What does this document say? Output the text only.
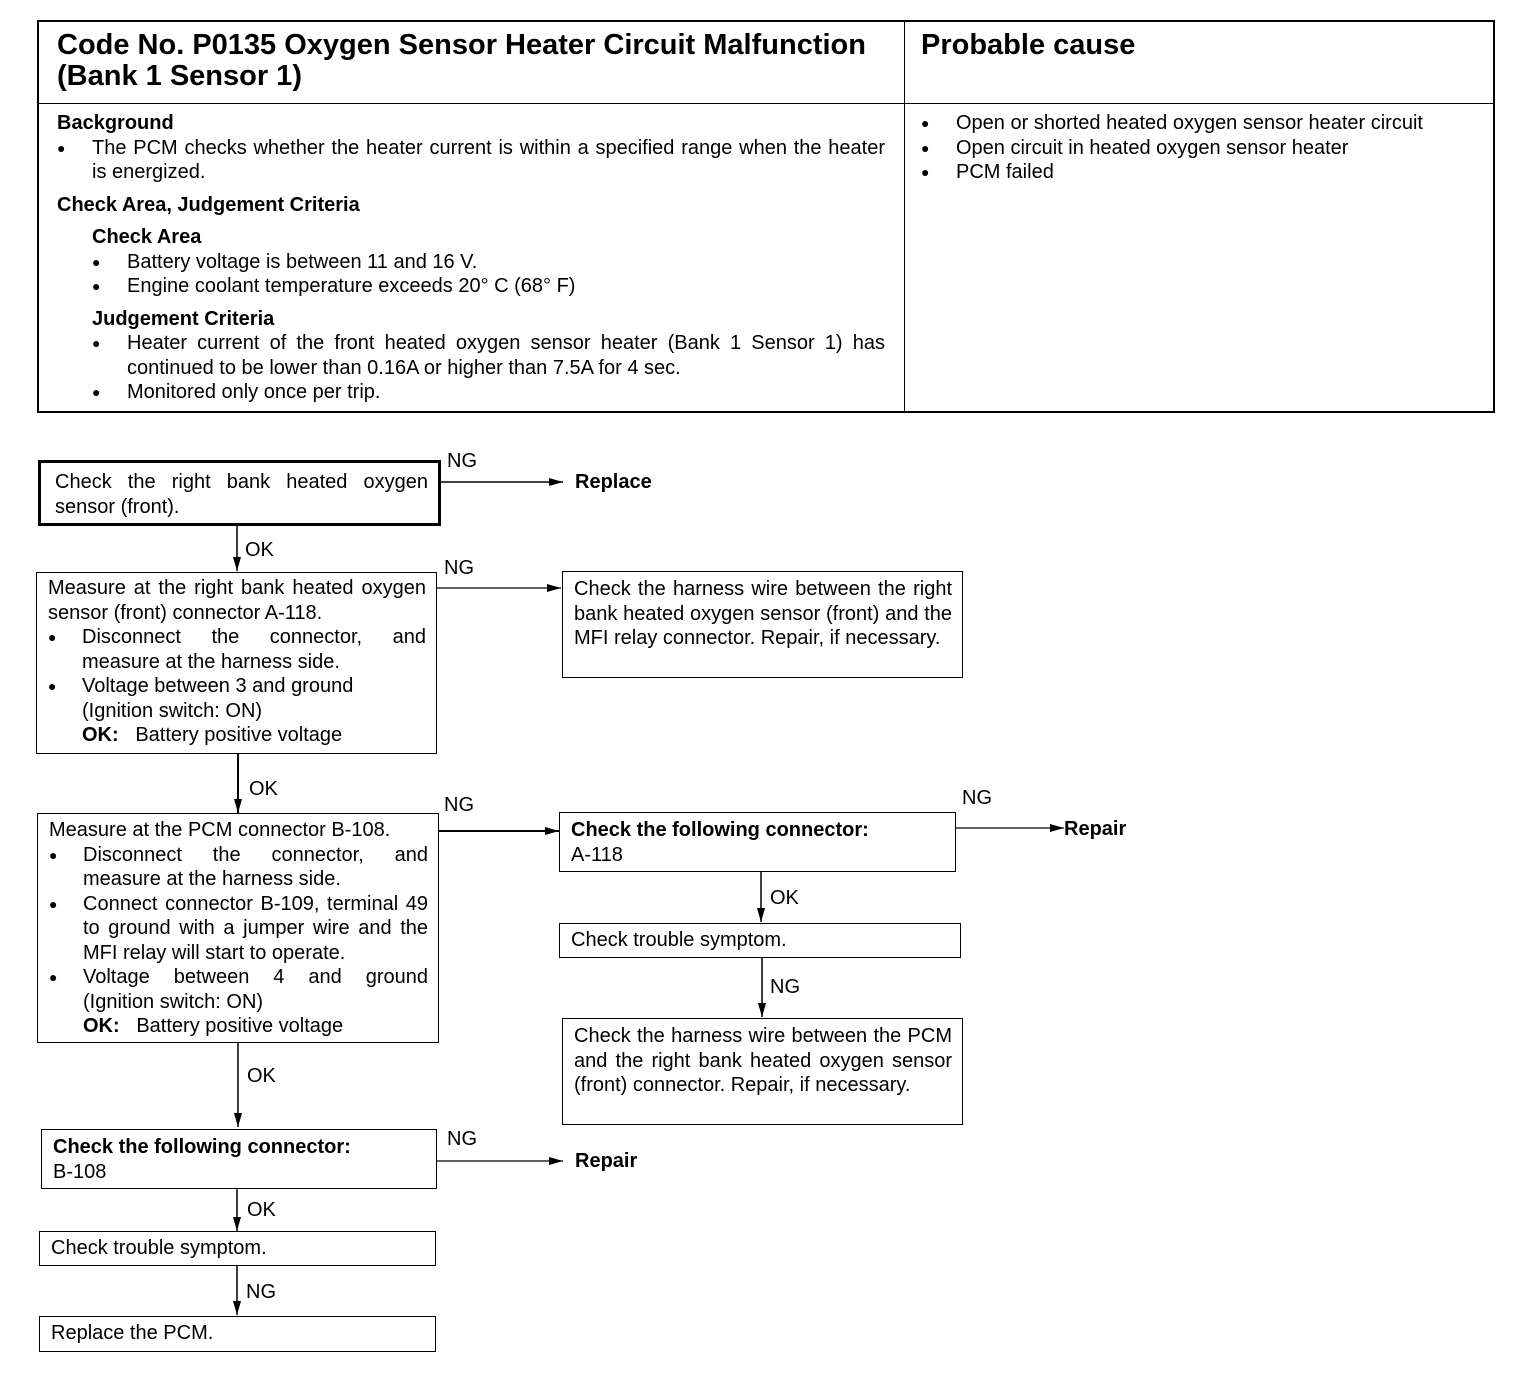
Code No. P0135 Oxygen Sensor Heater Circuit Malfunction (Bank 1 Sensor 1)
Probable cause
Background
● The PCM checks whether the heater current is within a specified range when the heater is energized.
Check Area, Judgement Criteria
Check Area
● Battery voltage is between 11 and 16 V.
● Engine coolant temperature exceeds 20° C (68° F)
Judgement Criteria
● Heater current of the front heated oxygen sensor heater (Bank 1 Sensor 1) has continued to be lower than 0.16A or higher than 7.5A for 4 sec.
● Monitored only once per trip.
● Open or shorted heated oxygen sensor heater circuit
● Open circuit in heated oxygen sensor heater
● PCM failed
Check the right bank heated oxygen sensor (front).
NG
Replace
OK
Measure at the right bank heated oxygen sensor (front) connector A-118.
● Disconnect the connector, and measure at the harness side.
● Voltage between 3 and ground (Ignition switch: ON)
OK: Battery positive voltage
NG
Check the harness wire between the right bank heated oxygen sensor (front) and the MFI relay connector. Repair, if necessary.
OK
Measure at the PCM connector B-108.
● Disconnect the connector, and measure at the harness side.
● Connect connector B-109, terminal 49 to ground with a jumper wire and the MFI relay will start to operate.
● Voltage between 4 and ground (Ignition switch: ON)
OK: Battery positive voltage
NG
Check the following connector:
A-118
NG
Repair
OK
Check trouble symptom.
NG
Check the harness wire between the PCM and the right bank heated oxygen sensor (front) connector. Repair, if necessary.
OK
Check the following connector:
B-108
NG
Repair
OK
Check trouble symptom.
NG
Replace the PCM.
